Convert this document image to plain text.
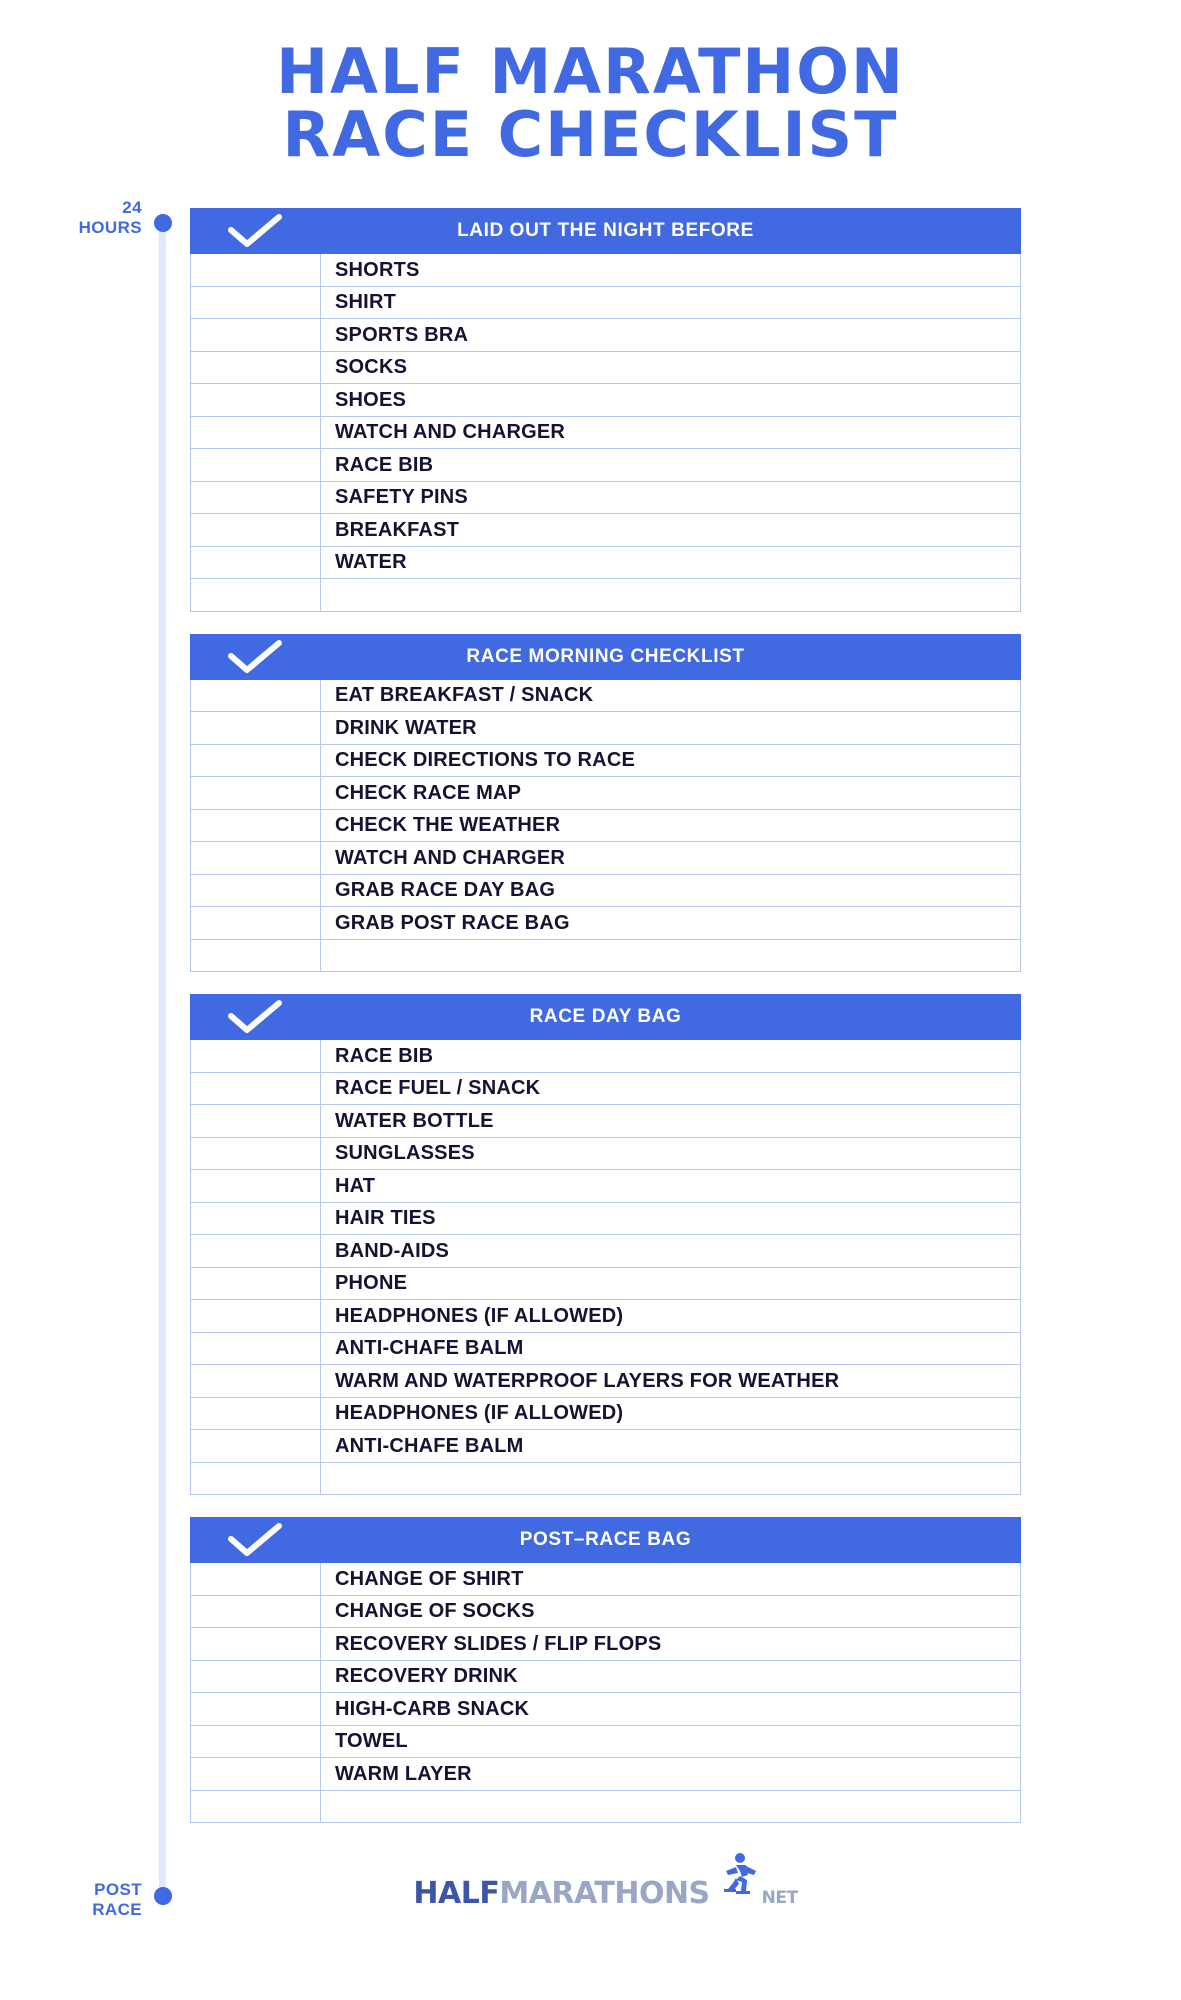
HALF MARATHON
RACE CHECKLIST
24
HOURS
POST
RACE
LAID OUT THE NIGHT BEFORE
SHORTS
SHIRT
SPORTS BRA
SOCKS
SHOES
WATCH AND CHARGER
RACE BIB
SAFETY PINS
BREAKFAST
WATER
RACE MORNING CHECKLIST
EAT BREAKFAST / SNACK
DRINK WATER
CHECK DIRECTIONS TO RACE
CHECK RACE MAP
CHECK THE WEATHER
WATCH AND CHARGER
GRAB RACE DAY BAG
GRAB POST RACE BAG
RACE DAY BAG
RACE BIB
RACE FUEL / SNACK
WATER BOTTLE
SUNGLASSES
HAT
HAIR TIES
BAND-AIDS
PHONE
HEADPHONES (IF ALLOWED)
ANTI-CHAFE BALM
WARM AND WATERPROOF LAYERS FOR WEATHER
HEADPHONES (IF ALLOWED)
ANTI-CHAFE BALM
POST–RACE BAG
CHANGE OF SHIRT
CHANGE OF SOCKS
RECOVERY SLIDES / FLIP FLOPS
RECOVERY DRINK
HIGH-CARB SNACK
TOWEL
WARM LAYER
HALF MARATHONS	NET
